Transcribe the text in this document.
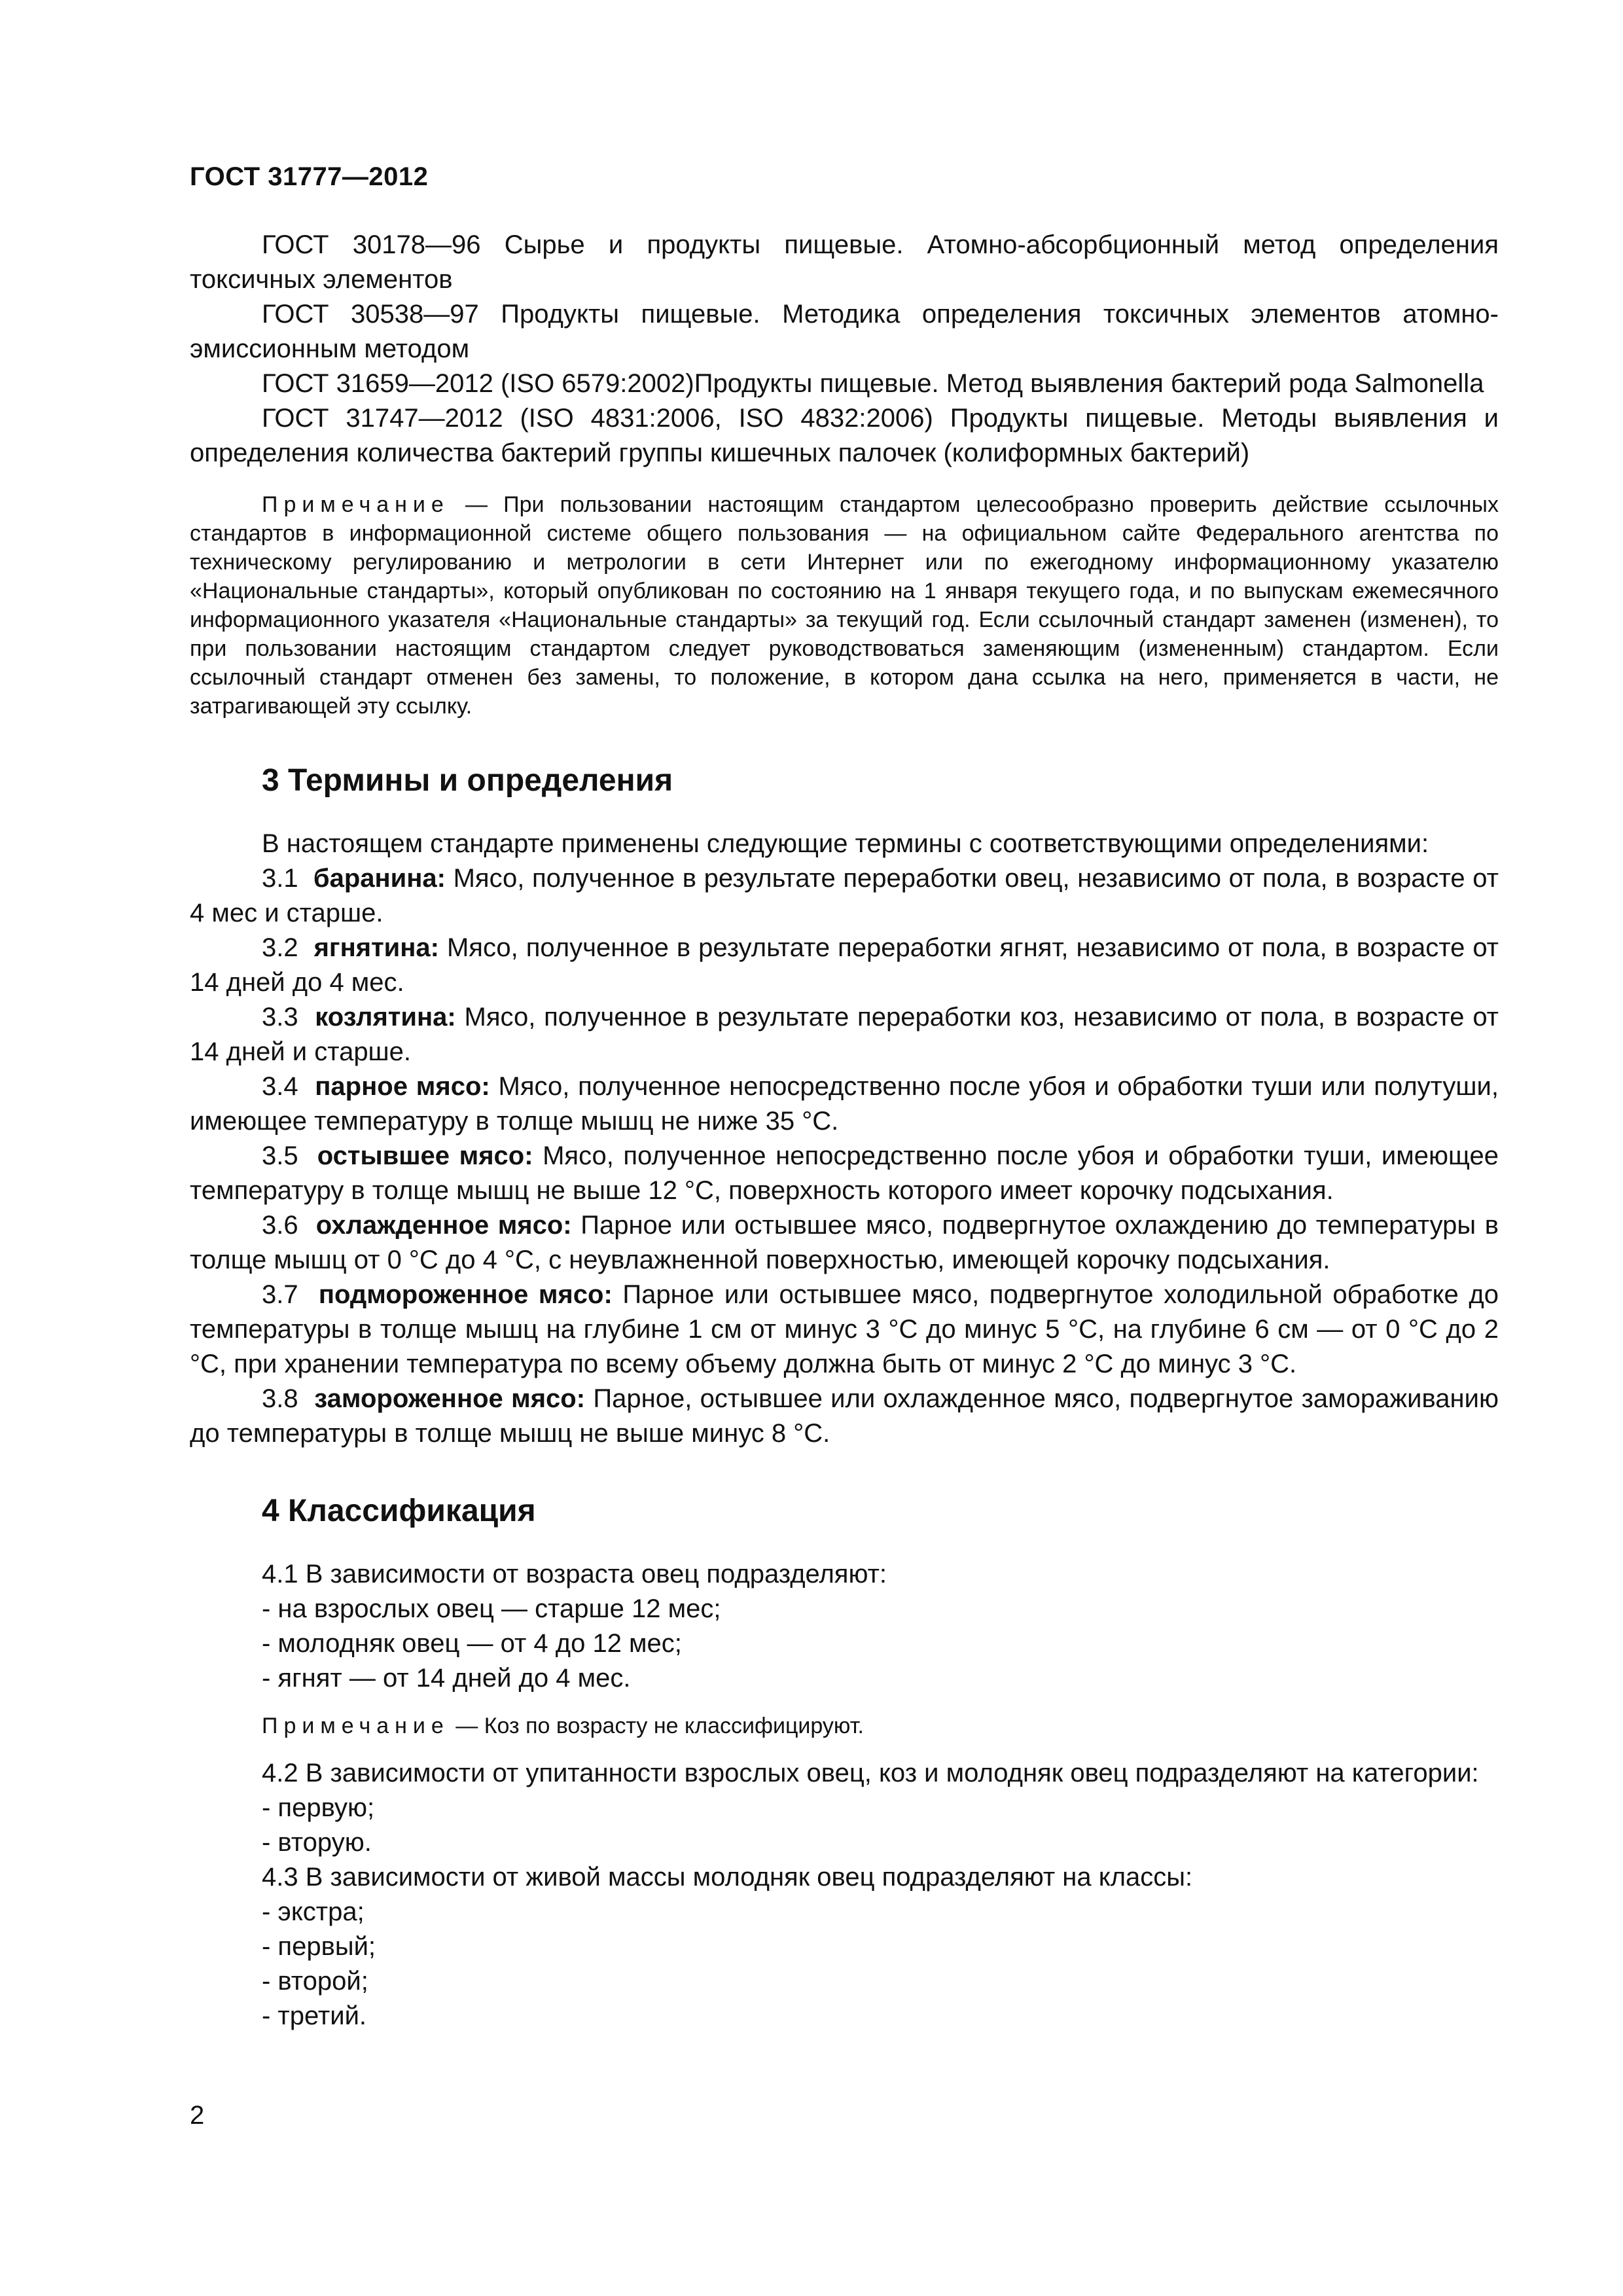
ГОСТ 31777—2012

ГОСТ 30178—96 Сырье и продукты пищевые. Атомно-абсорбционный метод определения токсичных элементов

ГОСТ 30538—97 Продукты пищевые. Методика определения токсичных элементов атомно-эмиссионным методом

ГОСТ 31659—2012 (ISO 6579:2002)Продукты пищевые. Метод выявления бактерий рода Salmonella

ГОСТ 31747—2012 (ISO 4831:2006, ISO 4832:2006) Продукты пищевые. Методы выявления и определения количества бактерий группы кишечных палочек (колиформных бактерий)

Примечание — При пользовании настоящим стандартом целесообразно проверить действие ссылочных стандартов в информационной системе общего пользования — на официальном сайте Федерального агентства по техническому регулированию и метрологии в сети Интернет или по ежегодному информационному указателю «Национальные стандарты», который опубликован по состоянию на 1 января текущего года, и по выпускам ежемесячного информационного указателя «Национальные стандарты» за текущий год. Если ссылочный стандарт заменен (изменен), то при пользовании настоящим стандартом следует руководствоваться заменяющим (измененным) стандартом. Если ссылочный стандарт отменен без замены, то положение, в котором дана ссылка на него, применяется в части, не затрагивающей эту ссылку.

3 Термины и определения

В настоящем стандарте применены следующие термины с соответствующими определениями:

3.1 баранина: Мясо, полученное в результате переработки овец, независимо от пола, в возрасте от 4 мес и старше.

3.2 ягнятина: Мясо, полученное в результате переработки ягнят, независимо от пола, в возрасте от 14 дней до 4 мес.

3.3 козлятина: Мясо, полученное в результате переработки коз, независимо от пола, в возрасте от 14 дней и старше.

3.4 парное мясо: Мясо, полученное непосредственно после убоя и обработки туши или полутуши, имеющее температуру в толще мышц не ниже 35 °С.

3.5 остывшее мясо: Мясо, полученное непосредственно после убоя и обработки туши, имеющее температуру в толще мышц не выше 12 °С, поверхность которого имеет корочку подсыхания.

3.6 охлажденное мясо: Парное или остывшее мясо, подвергнутое охлаждению до температуры в толще мышц от 0 °С до 4 °С, с неувлажненной поверхностью, имеющей корочку подсыхания.

3.7 подмороженное мясо: Парное или остывшее мясо, подвергнутое холодильной обработке до температуры в толще мышц на глубине 1 см от минус 3 °С до минус 5 °С, на глубине 6 см — от 0 °С до 2 °С, при хранении температура по всему объему должна быть от минус 2 °С до минус 3 °С.

3.8 замороженное мясо: Парное, остывшее или охлажденное мясо, подвергнутое замораживанию до температуры в толще мышц не выше минус 8 °С.

4 Классификация

4.1 В зависимости от возраста овец подразделяют:

- на взрослых овец — старше 12 мес;

- молодняк овец — от 4 до 12 мес;

- ягнят — от 14 дней до 4 мес.

Примечание — Коз по возрасту не классифицируют.

4.2 В зависимости от упитанности взрослых овец, коз и молодняк овец подразделяют на категории:

- первую;

- вторую.

4.3 В зависимости от живой массы молодняк овец подразделяют на классы:

- экстра;

- первый;

- второй;

- третий.

2
